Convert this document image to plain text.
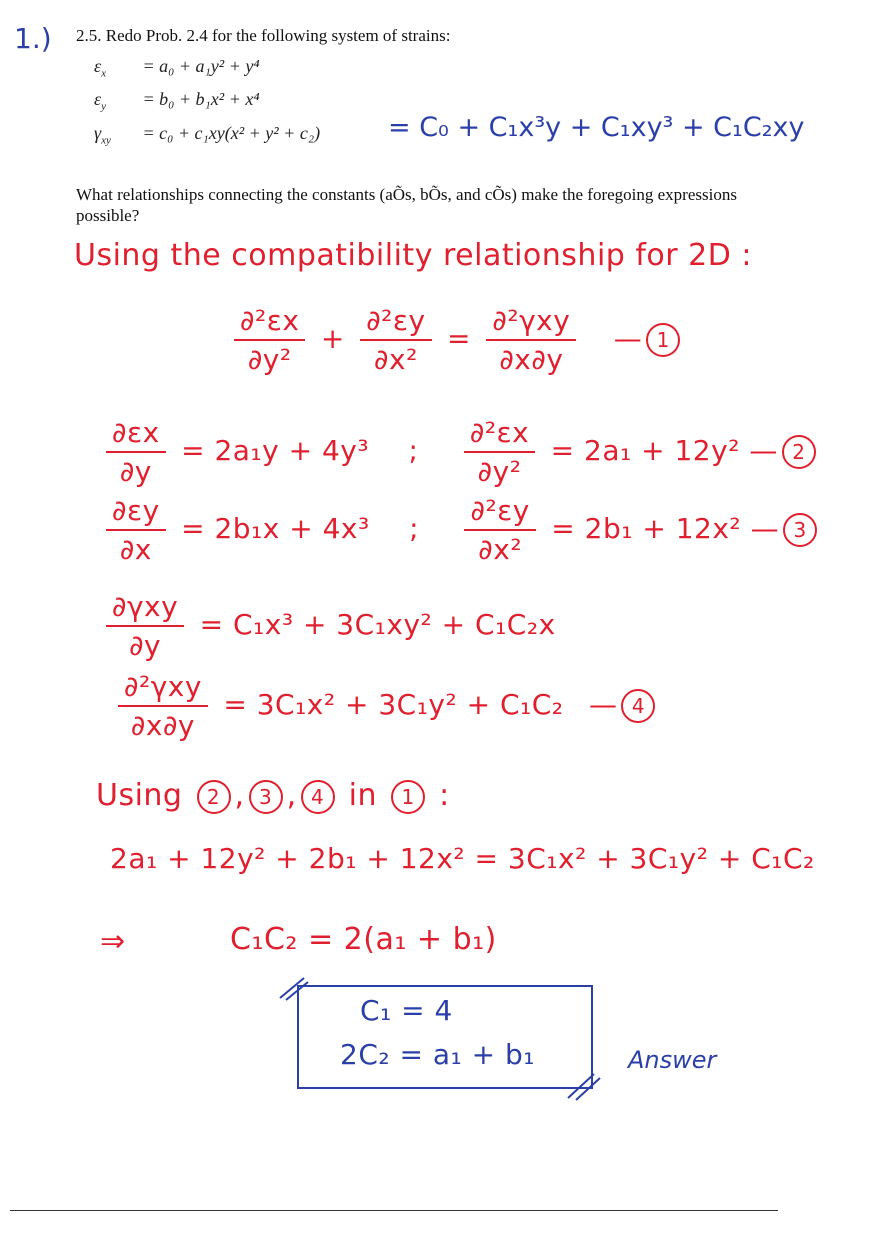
1.) 2.5. Redo Prob. 2.4 for the following system of strains:
$\varepsilon_x = a_0 + a_1y^2 + y^4$
$\varepsilon_y = b_0 + b_1x^2 + x^4$
$\gamma_{xy} = c_0 + c_1xy(x^2 + y^2 + c_2)$	= C₀ + C₁x³y + C₁xy³ + C₁C₂xy
What relationships connecting the constants (aÕs, bÕs, and cÕs) make the foregoing expressions possible?
Using the compatibility relationship for 2D :
$\frac{\text{∂²εx}}{\text{∂y²}} + \frac{\text{∂²εy}}{\text{∂x²}} = \frac{\text{∂²γxy}}{\partial x\partial y}$ — 1
$\frac{\partial\varepsilon x}{\partial y} = 2a_1y + 4y^3$ ; $\frac{\text{∂²εx}}{\text{∂y²}} = 2a_1 + 12y^2$ — 2
$\frac{\partial\varepsilon y}{\partial x} = 2b_1x + 4x^3$ ; $\frac{\text{∂²εy}}{\text{∂x²}} = 2b_1 + 12x^2$ — 3
$\frac{\text{∂γxy}}{\partial y} = C_1x^3 + 3C_1xy^2 + C_1C_2x$
$\frac{\text{∂²γxy}}{\partial x\partial y} = 3C_1x^2 + 3C_1y^2 + C_1C_2$ — 4
Using 2 , 3 , 4 in 1 :
2a₁ + 12y² + 2b₁ + 12x² = 3C₁x² + 3C₁y² + C₁C₂
⇒	C₁C₂ = 2(a₁ + b₁)
C₁ = 4
2C₂ = a₁ + b₁	Answer
